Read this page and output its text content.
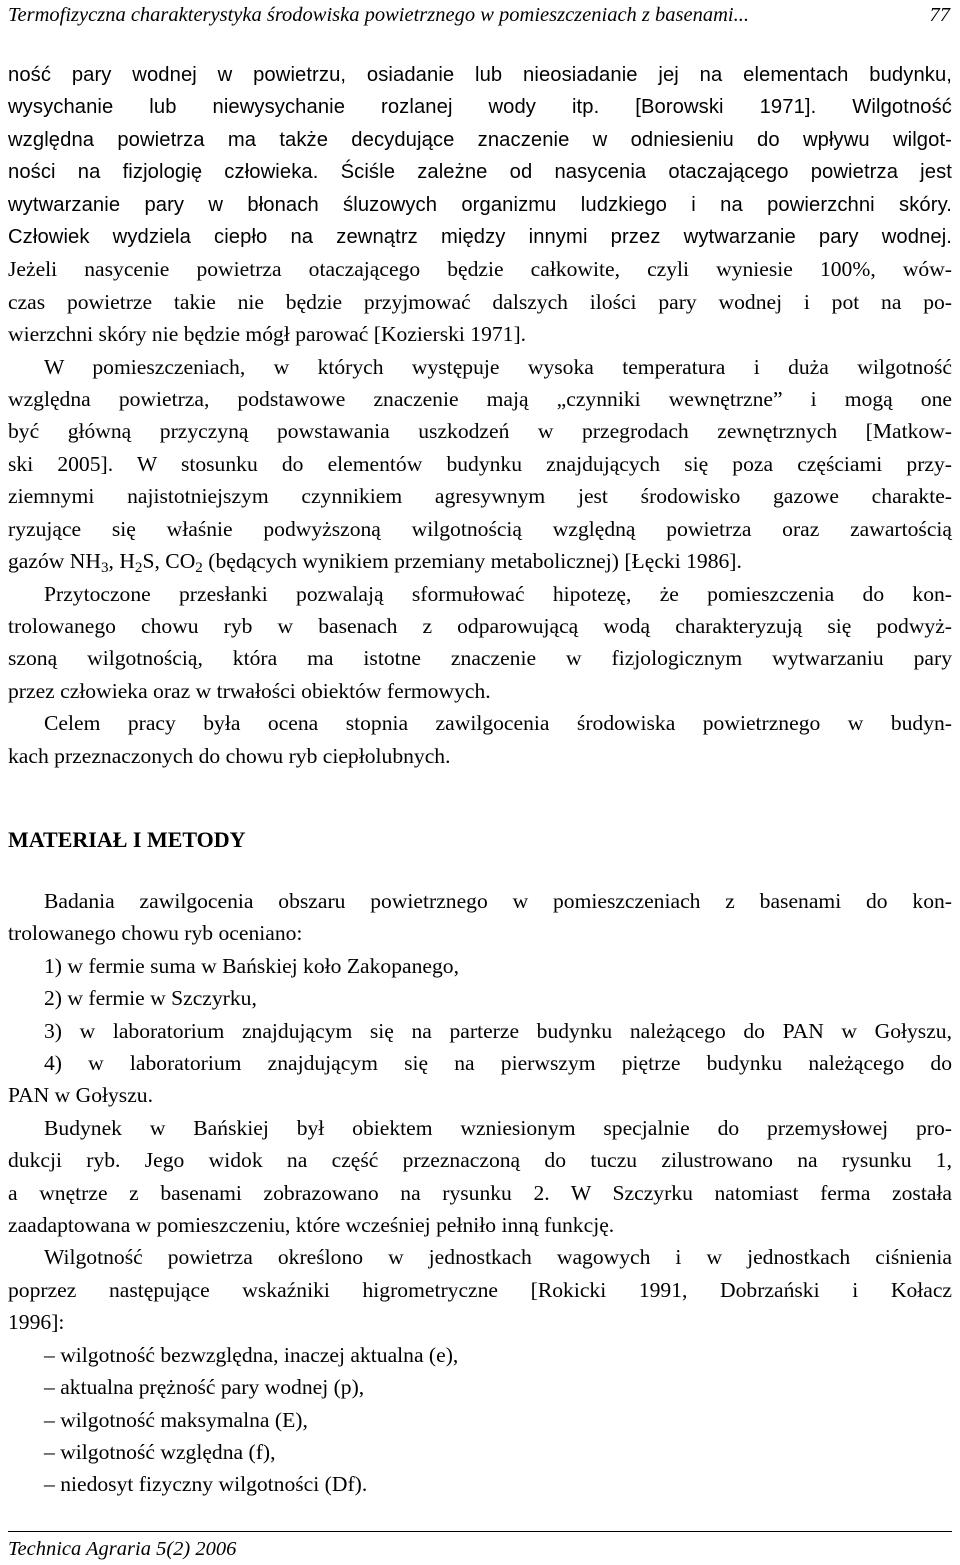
Termofizyczna charakterystyka środowiska powietrznego w pomieszczeniach z basenami...	77
ność pary wodnej w powietrzu, osiadanie lub nieosiadanie jej na elementach budynku,
wysychanie lub niewysychanie rozlanej wody itp. [Borowski 1971]. Wilgotność
względna powietrza ma także decydujące znaczenie w odniesieniu do wpływu wilgot-
ności na fizjologię człowieka. Ściśle zależne od nasycenia otaczającego powietrza jest
wytwarzanie pary w błonach śluzowych organizmu ludzkiego i na powierzchni skóry.
Człowiek wydziela ciepło na zewnątrz między innymi przez wytwarzanie pary wodnej.
Jeżeli nasycenie powietrza otaczającego będzie całkowite, czyli wyniesie 100%, wów-
czas powietrze takie nie będzie przyjmować dalszych ilości pary wodnej i pot na po-
wierzchni skóry nie będzie mógł parować [Kozierski 1971].
W pomieszczeniach, w których występuje wysoka temperatura i duża wilgotność
względna powietrza, podstawowe znaczenie mają „czynniki wewnętrzne” i mogą one
być główną przyczyną powstawania uszkodzeń w przegrodach zewnętrznych [Matkow-
ski 2005]. W stosunku do elementów budynku znajdujących się poza częściami przy-
ziemnymi najistotniejszym czynnikiem agresywnym jest środowisko gazowe charakte-
ryzujące się właśnie podwyższoną wilgotnością względną powietrza oraz zawartością
gazów $NH_3$, $H_2S$, $CO_2$ (będących wynikiem przemiany metabolicznej) [Łęcki 1986].
Przytoczone przesłanki pozwalają sformułować hipotezę, że pomieszczenia do kon-
trolowanego chowu ryb w basenach z odparowującą wodą charakteryzują się podwyż-
szoną wilgotnością, która ma istotne znaczenie w fizjologicznym wytwarzaniu pary
przez człowieka oraz w trwałości obiektów fermowych.
Celem pracy była ocena stopnia zawilgocenia środowiska powietrznego w budyn-
kach przeznaczonych do chowu ryb ciepłolubnych.
MATERIAŁ I METODY
Badania zawilgocenia obszaru powietrznego w pomieszczeniach z basenami do kon-
trolowanego chowu ryb oceniano:
1) w fermie suma w Bańskiej koło Zakopanego,
2) w fermie w Szczyrku,
3) w laboratorium znajdującym się na parterze budynku należącego do PAN w Gołyszu,
4) w laboratorium znajdującym się na pierwszym piętrze budynku należącego do
PAN w Gołyszu.
Budynek w Bańskiej był obiektem wzniesionym specjalnie do przemysłowej pro-
dukcji ryb. Jego widok na część przeznaczoną do tuczu zilustrowano na rysunku 1,
a wnętrze z basenami zobrazowano na rysunku 2. W Szczyrku natomiast ferma została
zaadaptowana w pomieszczeniu, które wcześniej pełniło inną funkcję.
Wilgotność powietrza określono w jednostkach wagowych i w jednostkach ciśnienia
poprzez następujące wskaźniki higrometryczne [Rokicki 1991, Dobrzański i Kołacz
1996]:
– wilgotność bezwzględna, inaczej aktualna (e),
– aktualna prężność pary wodnej (p),
– wilgotność maksymalna (E),
– wilgotność względna (f),
– niedosyt fizyczny wilgotności (Df).
Technica Agraria 5(2) 2006
